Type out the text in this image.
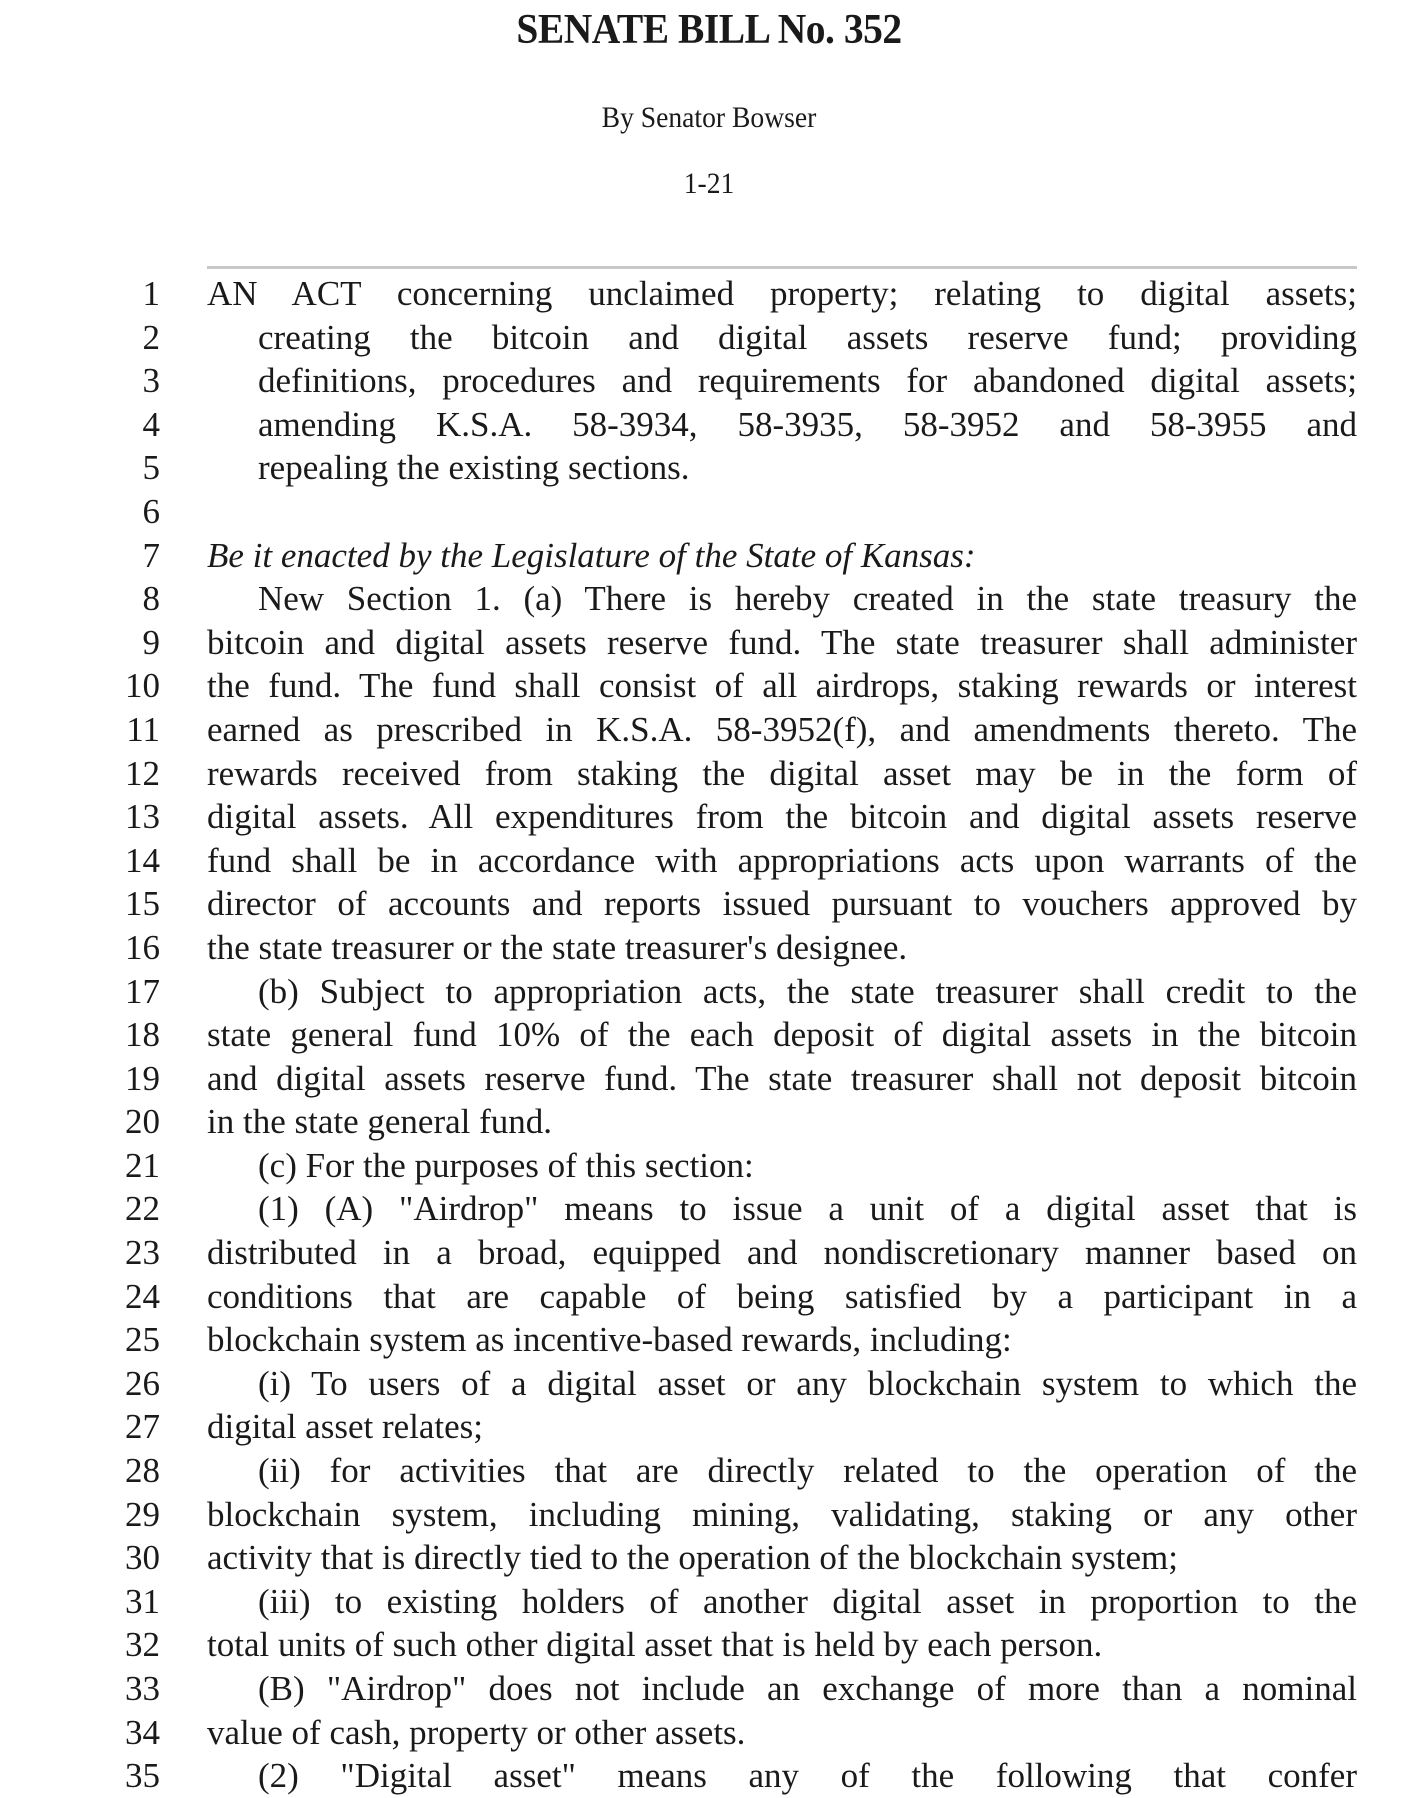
SENATE BILL No. 352
By Senator Bowser
1-21
1 AN ACT concerning unclaimed property; relating to digital assets;
2	creating the bitcoin and digital assets reserve fund; providing
3	definitions, procedures and requirements for abandoned digital assets;
4	amending K.S.A. 58-3934, 58-3935, 58-3952 and 58-3955 and
5	repealing the existing sections.
6
7 Be it enacted by the Legislature of the State of Kansas:
8	New Section 1. (a) There is hereby created in the state treasury the
9 bitcoin and digital assets reserve fund. The state treasurer shall administer
10 the fund. The fund shall consist of all airdrops, staking rewards or interest
11 earned as prescribed in K.S.A. 58-3952(f), and amendments thereto. The
12 rewards received from staking the digital asset may be in the form of
13 digital assets. All expenditures from the bitcoin and digital assets reserve
14 fund shall be in accordance with appropriations acts upon warrants of the
15 director of accounts and reports issued pursuant to vouchers approved by
16 the state treasurer or the state treasurer's designee.
17	(b) Subject to appropriation acts, the state treasurer shall credit to the
18 state general fund 10% of the each deposit of digital assets in the bitcoin
19 and digital assets reserve fund. The state treasurer shall not deposit bitcoin
20 in the state general fund.
21	(c) For the purposes of this section:
22	(1) (A) "Airdrop" means to issue a unit of a digital asset that is
23 distributed in a broad, equipped and nondiscretionary manner based on
24 conditions that are capable of being satisfied by a participant in a
25 blockchain system as incentive-based rewards, including:
26	(i) To users of a digital asset or any blockchain system to which the
27 digital asset relates;
28	(ii) for activities that are directly related to the operation of the
29 blockchain system, including mining, validating, staking or any other
30 activity that is directly tied to the operation of the blockchain system;
31	(iii) to existing holders of another digital asset in proportion to the
32 total units of such other digital asset that is held by each person.
33	(B) "Airdrop" does not include an exchange of more than a nominal
34 value of cash, property or other assets.
35	(2) "Digital asset" means any of the following that confer
